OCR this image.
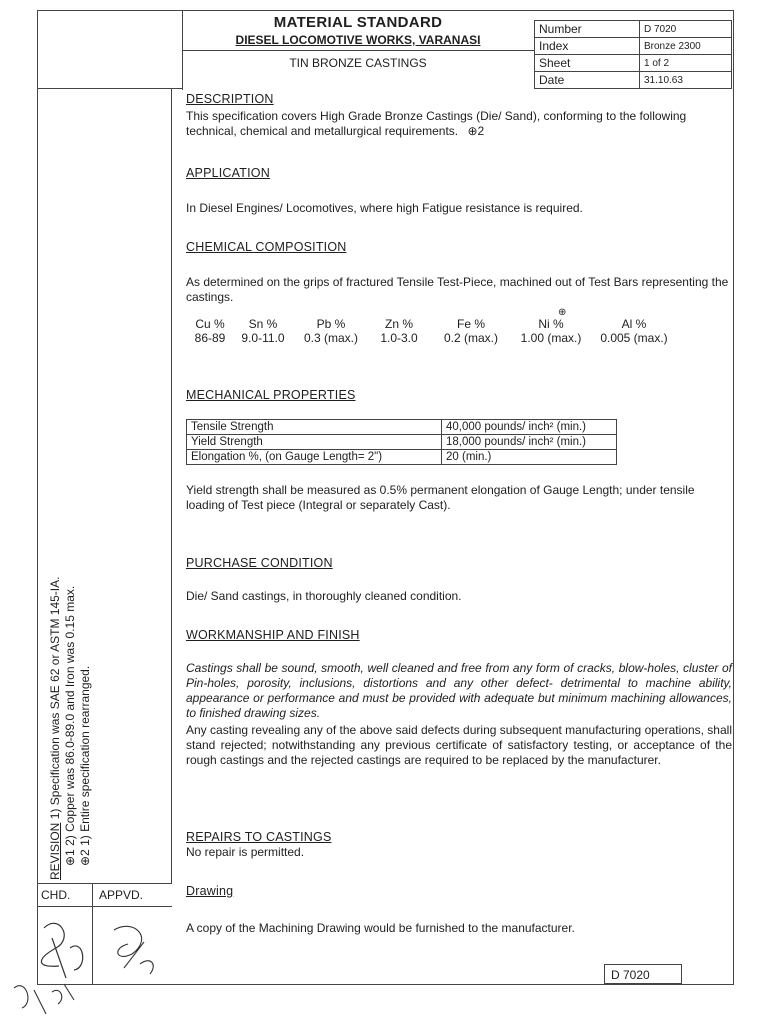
MATERIAL STANDARD
DIESEL LOCOMOTIVE WORKS, VARANASI
TIN BRONZE CASTINGS
Number	D 7020
Index	Bronze 2300
Sheet	1 of 2
Date	31.10.63
DESCRIPTION
This specification covers High Grade Bronze Castings (Die/ Sand), conforming to the following technical, chemical and metallurgical requirements. ⊕2
APPLICATION
In Diesel Engines/ Locomotives, where high Fatigue resistance is required.
CHEMICAL COMPOSITION
As determined on the grips of fractured Tensile Test-Piece, machined out of Test Bars representing the castings.
⊕
Cu %	Sn %	Pb %	Zn %	Fe %	Ni %	Al %
86-89	9.0-11.0	0.3 (max.)	1.0-3.0	0.2 (max.)	1.00 (max.)	0.005 (max.)
MECHANICAL PROPERTIES
Tensile Strength	40,000 pounds/ inch² (min.)
Yield Strength	18,000 pounds/ inch² (min.)
Elongation %, (on Gauge Length= 2")	20 (min.)
Yield strength shall be measured as 0.5% permanent elongation of Gauge Length; under tensile loading of Test piece (Integral or separately Cast).
PURCHASE CONDITION
Die/ Sand castings, in thoroughly cleaned condition.
WORKMANSHIP AND FINISH
Castings shall be sound, smooth, well cleaned and free from any form of cracks, blow-holes, cluster of Pin-holes, porosity, inclusions, distortions and any other defect- detrimental to machine ability, appearance or performance and must be provided with adequate but minimum machining allowances, to finished drawing sizes.
Any casting revealing any of the above said defects during subsequent manufacturing operations, shall stand rejected; notwithstanding any previous certificate of satisfactory testing, or acceptance of the rough castings and the rejected castings are required to be replaced by the manufacturer.
REPAIRS TO CASTINGS
No repair is permitted.
Drawing
A copy of the Machining Drawing would be furnished to the manufacturer.
REVISION 1) Specification was SAE 62 or ASTM 145-IA.
⊕1 2) Copper was 86.0-89.0 and Iron was 0.15 max.
⊕2 1) Entire specification rearranged.
CHD. APPVD.
D 7020
